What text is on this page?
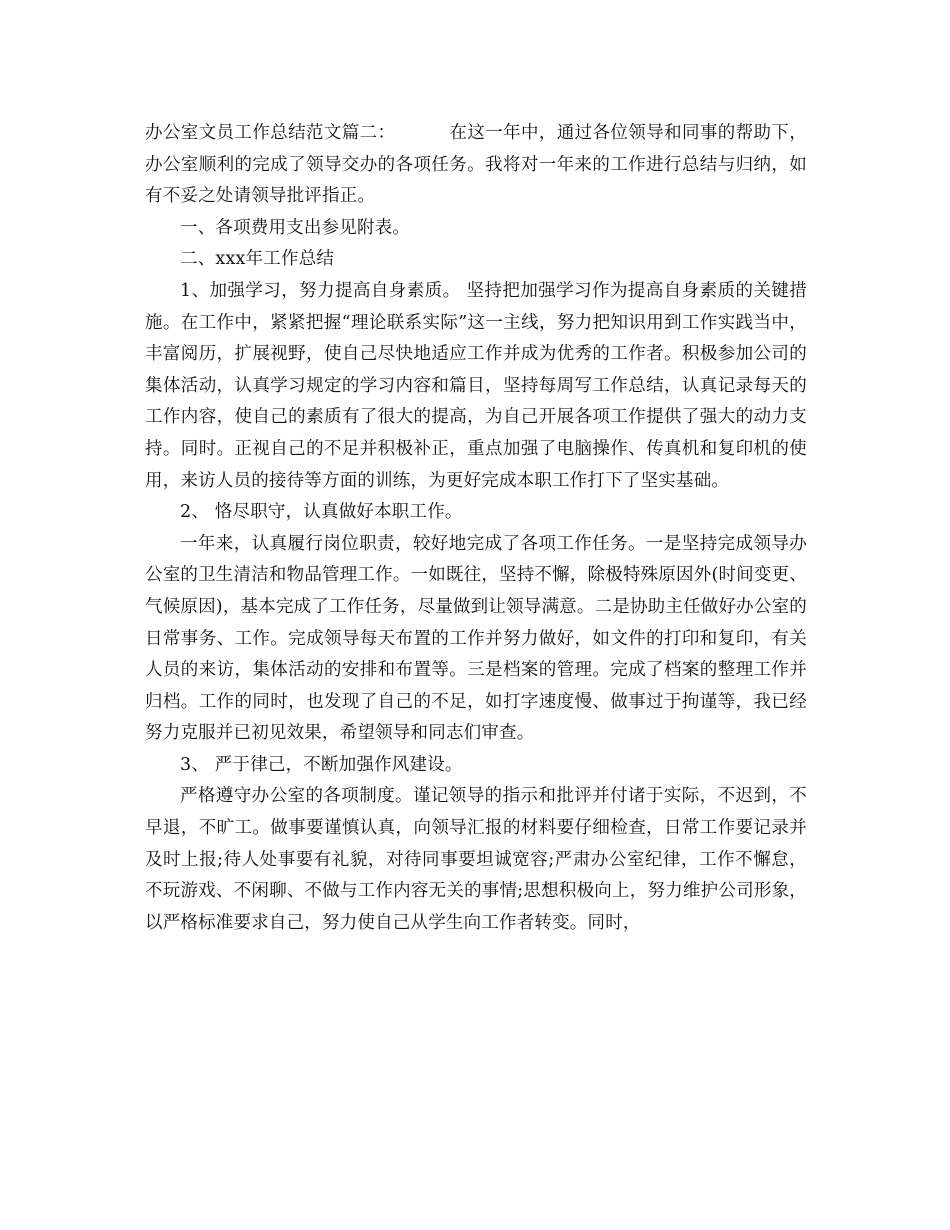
办公室文员工作总结范文篇二：	在这一年中，通过各位领导和同事的帮助下，办公室顺利的完成了领导交办的各项任务。我将对一年来的工作进行总结与归纳，如有不妥之处请领导批评指正。

一、各项费用支出参见附表。

二、xxx年工作总结

1、加强学习，努力提高自身素质。 坚持把加强学习作为提高自身素质的关键措施。在工作中，紧紧把握“理论联系实际”这一主线，努力把知识用到工作实践当中，丰富阅历，扩展视野，使自己尽快地适应工作并成为优秀的工作者。积极参加公司的集体活动，认真学习规定的学习内容和篇目，坚持每周写工作总结，认真记录每天的工作内容，使自己的素质有了很大的提高，为自己开展各项工作提供了强大的动力支持。同时。正视自己的不足并积极补正，重点加强了电脑操作、传真机和复印机的使用，来访人员的接待等方面的训练，为更好完成本职工作打下了坚实基础。

2、 恪尽职守，认真做好本职工作。

一年来，认真履行岗位职责，较好地完成了各项工作任务。一是坚持完成领导办公室的卫生清洁和物品管理工作。一如既往，坚持不懈，除极特殊原因外(时间变更、气候原因)，基本完成了工作任务，尽量做到让领导满意。二是协助主任做好办公室的日常事务、工作。完成领导每天布置的工作并努力做好，如文件的打印和复印，有关人员的来访，集体活动的安排和布置等。三是档案的管理。完成了档案的整理工作并归档。工作的同时，也发现了自己的不足，如打字速度慢、做事过于拘谨等，我已经努力克服并已初见效果，希望领导和同志们审查。

3、 严于律己，不断加强作风建设。

严格遵守办公室的各项制度。谨记领导的指示和批评并付诸于实际，不迟到，不早退，不旷工。做事要谨慎认真，向领导汇报的材料要仔细检查，日常工作要记录并及时上报;待人处事要有礼貌，对待同事要坦诚宽容;严肃办公室纪律，工作不懈怠，不玩游戏、不闲聊、不做与工作内容无关的事情;思想积极向上，努力维护公司形象，以严格标准要求自己，努力使自己从学生向工作者转变。同时，
